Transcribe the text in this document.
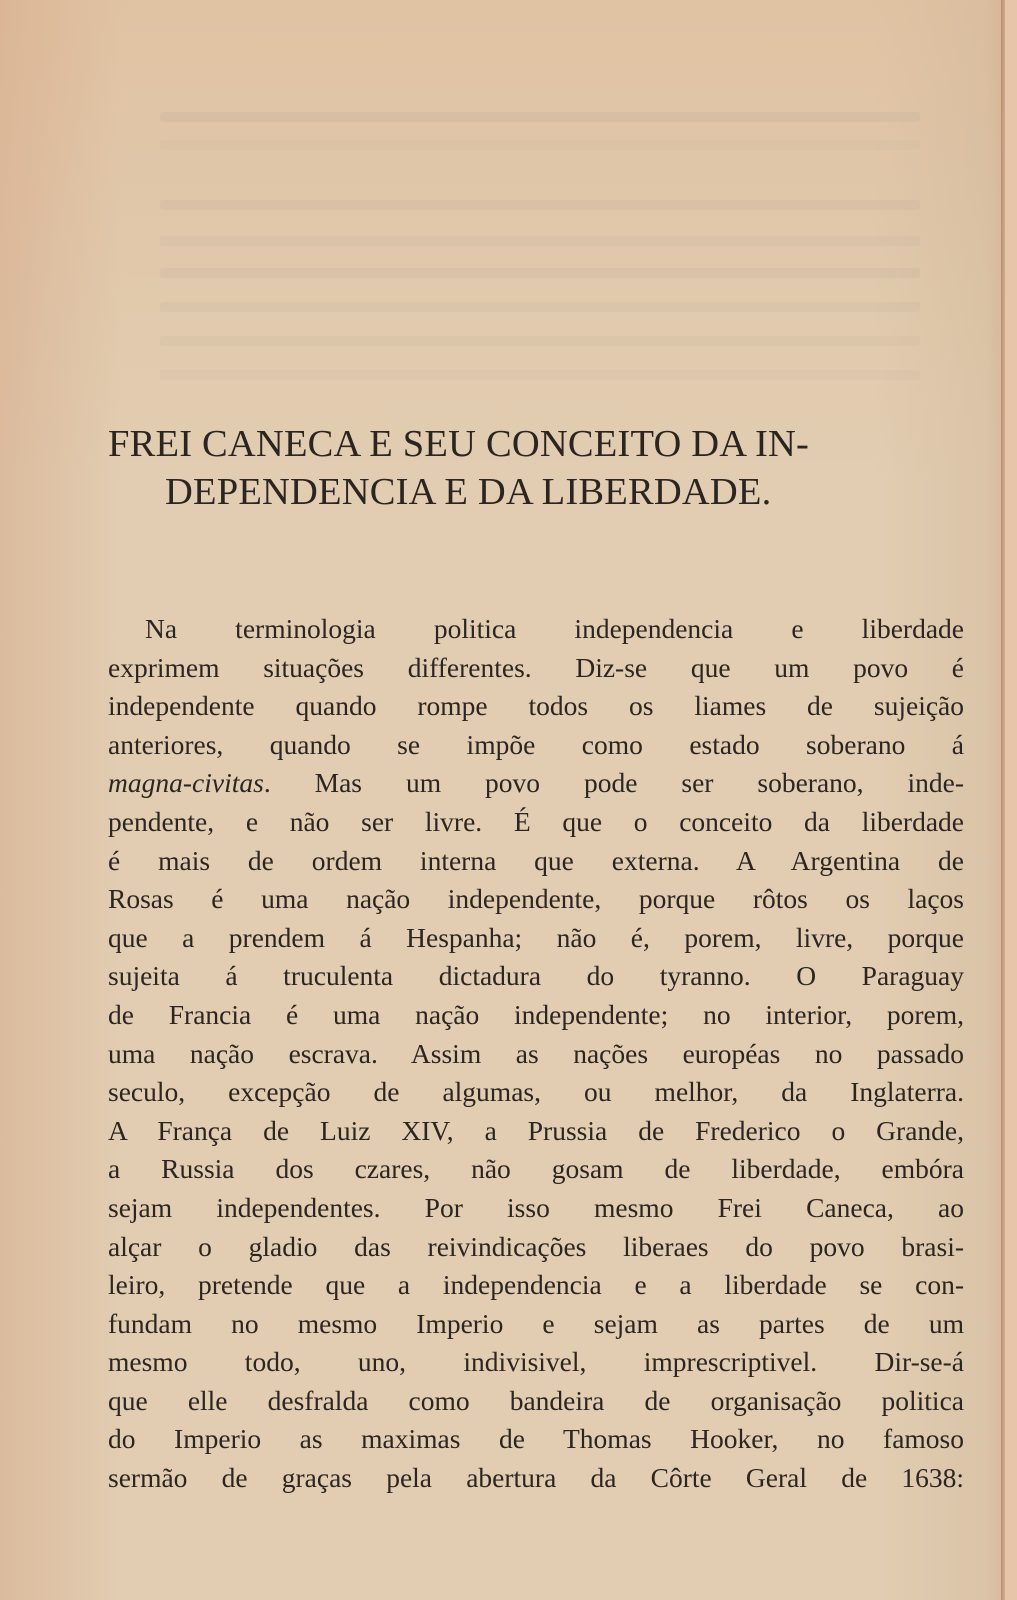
FREI CANECA E SEU CONCEITO DA IN-
DEPENDENCIA E DA LIBERDADE.
Na terminologia politica independencia e liberdade
exprimem situações differentes. Diz-se que um povo é
independente quando rompe todos os liames de sujeição
anteriores, quando se impõe como estado soberano á
magna-civitas. Mas um povo pode ser soberano, inde-
pendente, e não ser livre. É que o conceito da liberdade
é mais de ordem interna que externa. A Argentina de
Rosas é uma nação independente, porque rôtos os laços
que a prendem á Hespanha; não é, porem, livre, porque
sujeita á truculenta dictadura do tyranno. O Paraguay
de Francia é uma nação independente; no interior, porem,
uma nação escrava. Assim as nações européas no passado
seculo, excepção de algumas, ou melhor, da Inglaterra.
A França de Luiz XIV, a Prussia de Frederico o Grande,
a Russia dos czares, não gosam de liberdade, embóra
sejam independentes. Por isso mesmo Frei Caneca, ao
alçar o gladio das reivindicações liberaes do povo brasi-
leiro, pretende que a independencia e a liberdade se con-
fundam no mesmo Imperio e sejam as partes de um
mesmo todo, uno, indivisivel, imprescriptivel. Dir-se-á
que elle desfralda como bandeira de organisação politica
do Imperio as maximas de Thomas Hooker, no famoso
sermão de graças pela abertura da Côrte Geral de 1638:
